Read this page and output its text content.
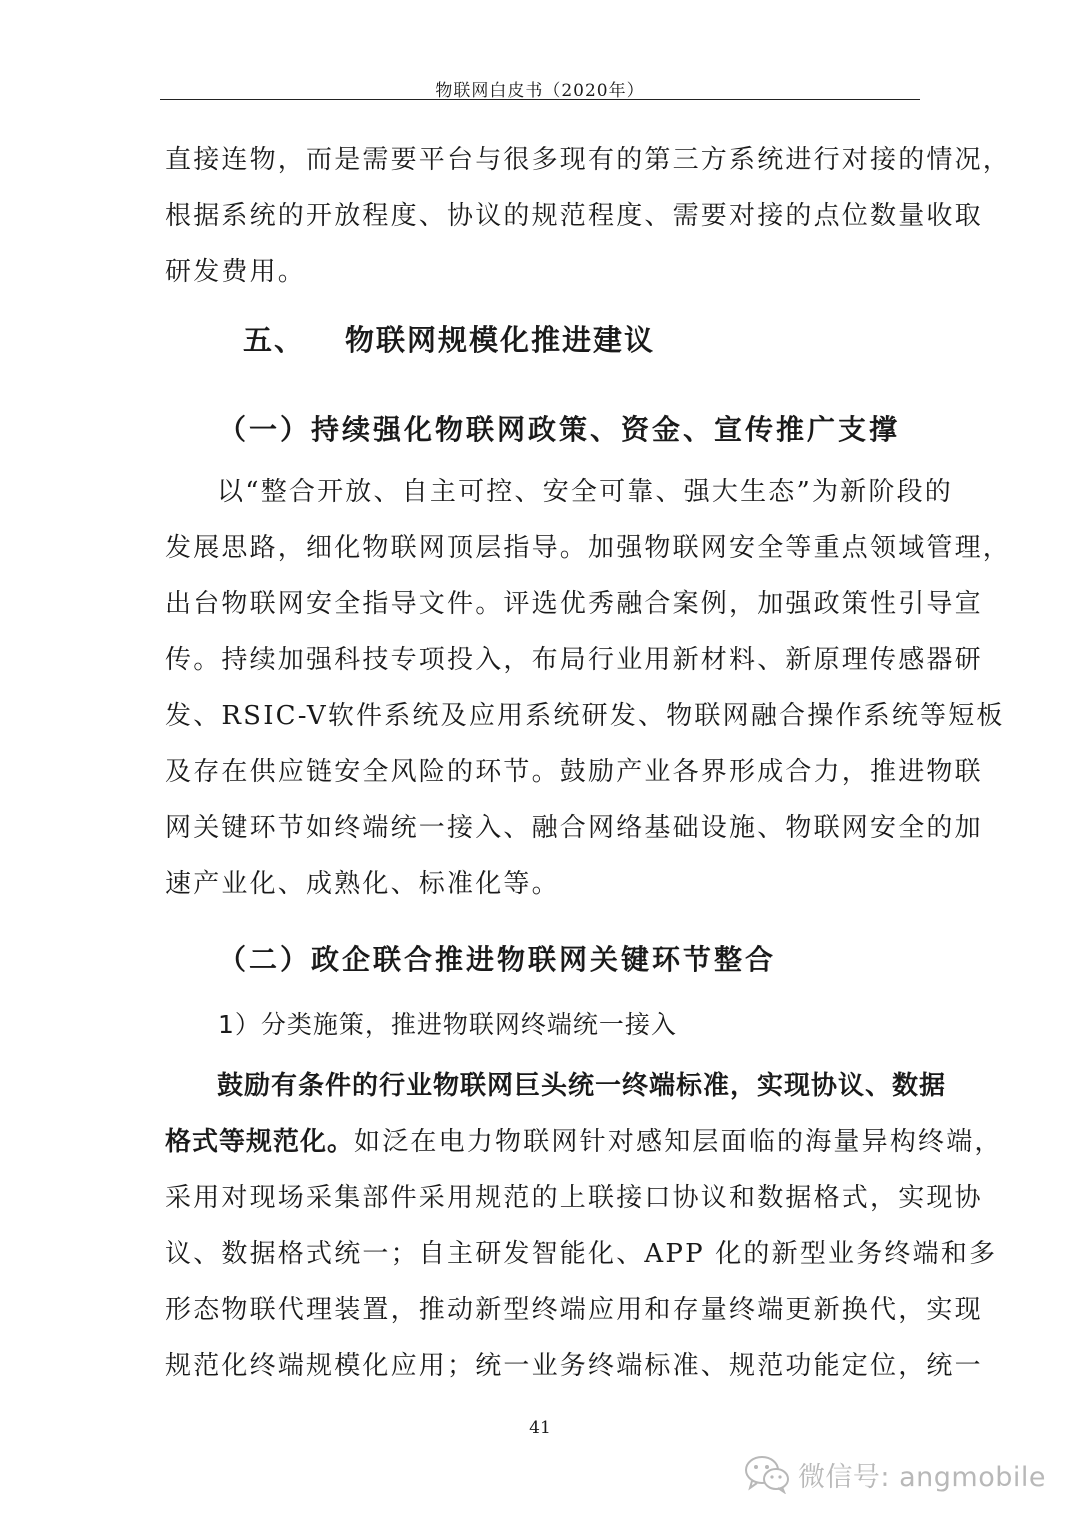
物联网白皮书（2020年）
直接连物，而是需要平台与很多现有的第三方系统进行对接的情况，
根据系统的开放程度、协议的规范程度、需要对接的点位数量收取
研发费用。
五、 物联网规模化推进建议
（一）持续强化物联网政策、资金、宣传推广支撑
以“整合开放、自主可控、安全可靠、强大生态”为新阶段的
发展思路，细化物联网顶层指导。加强物联网安全等重点领域管理，
出台物联网安全指导文件。评选优秀融合案例，加强政策性引导宣
传。持续加强科技专项投入，布局行业用新材料、新原理传感器研
发、RSIC-V软件系统及应用系统研发、物联网融合操作系统等短板
及存在供应链安全风险的环节。鼓励产业各界形成合力，推进物联
网关键环节如终端统一接入、融合网络基础设施、物联网安全的加
速产业化、成熟化、标准化等。
（二）政企联合推进物联网关键环节整合
1）分类施策，推进物联网终端统一接入
鼓励有条件的行业物联网巨头统一终端标准，实现协议、数据
格式等规范化。如泛在电力物联网针对感知层面临的海量异构终端，
采用对现场采集部件采用规范的上联接口协议和数据格式，实现协
议、数据格式统一；自主研发智能化、APP 化的新型业务终端和多
形态物联代理装置，推动新型终端应用和存量终端更新换代，实现
规范化终端规模化应用；统一业务终端标准、规范功能定位，统一
41
微信号: angmobile
